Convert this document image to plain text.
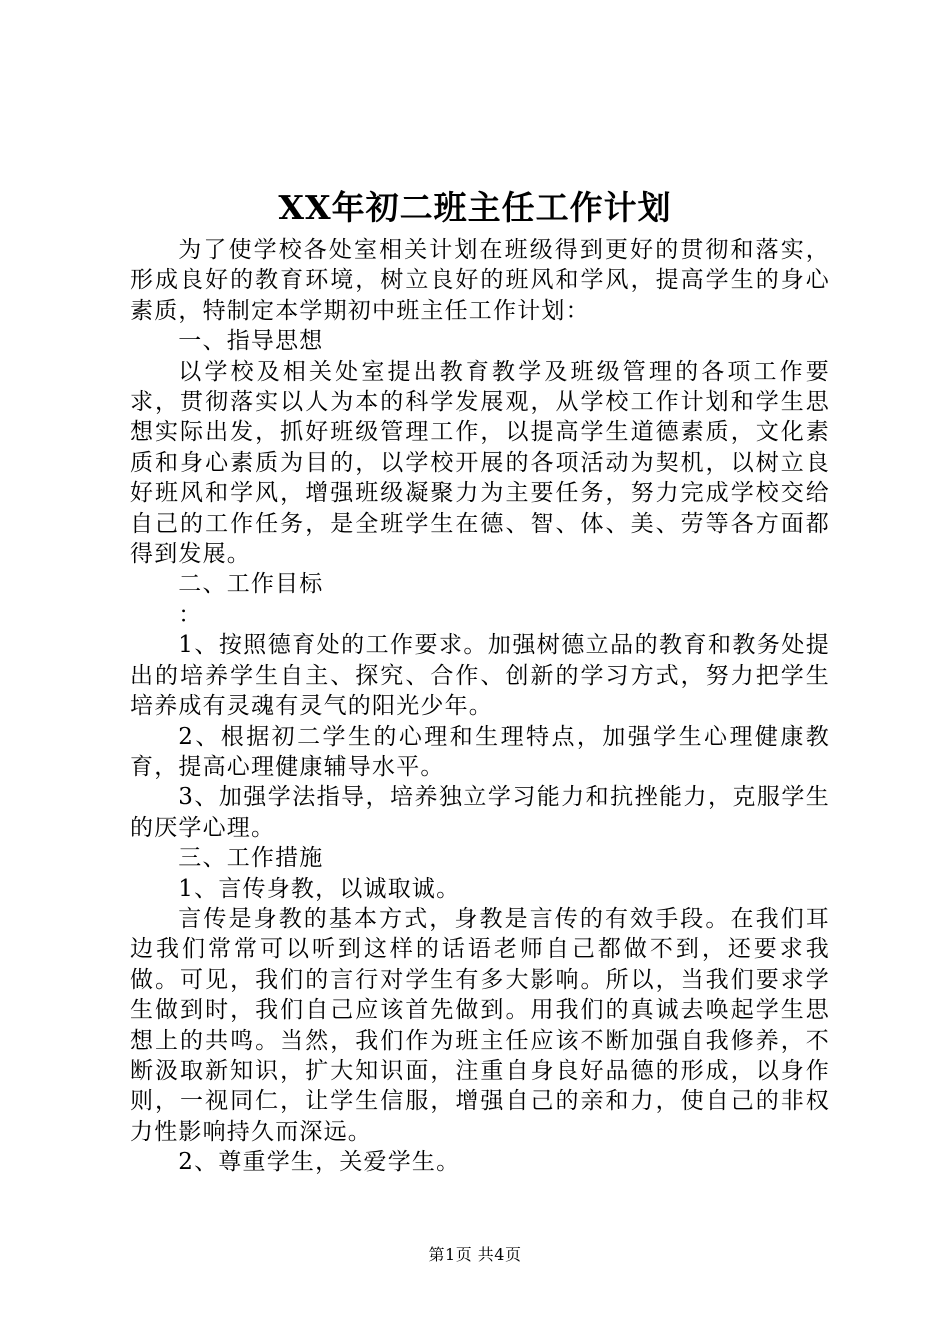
XX年初二班主任工作计划

为了使学校各处室相关计划在班级得到更好的贯彻和落实，形成良好的教育环境，树立良好的班风和学风，提高学生的身心素质，特制定本学期初中班主任工作计划：

一、指导思想

以学校及相关处室提出教育教学及班级管理的各项工作要求，贯彻落实以人为本的科学发展观，从学校工作计划和学生思想实际出发，抓好班级管理工作，以提高学生道德素质，文化素质和身心素质为目的，以学校开展的各项活动为契机，以树立良好班风和学风，增强班级凝聚力为主要任务，努力完成学校交给自己的工作任务，是全班学生在德、智、体、美、劳等各方面都得到发展。

二、工作目标

：

1、按照德育处的工作要求。加强树德立品的教育和教务处提出的培养学生自主、探究、合作、创新的学习方式，努力把学生培养成有灵魂有灵气的阳光少年。

2、根据初二学生的心理和生理特点，加强学生心理健康教育，提高心理健康辅导水平。

3、加强学法指导，培养独立学习能力和抗挫能力，克服学生的厌学心理。

三、工作措施

1、言传身教，以诚取诚。

言传是身教的基本方式，身教是言传的有效手段。在我们耳边我们常常可以听到这样的话语老师自己都做不到，还要求我做。可见，我们的言行对学生有多大影响。所以，当我们要求学生做到时，我们自己应该首先做到。用我们的真诚去唤起学生思想上的共鸣。当然，我们作为班主任应该不断加强自我修养，不断汲取新知识，扩大知识面，注重自身良好品德的形成，以身作则，一视同仁，让学生信服，增强自己的亲和力，使自己的非权力性影响持久而深远。

2、尊重学生，关爱学生。

第1页 共4页
